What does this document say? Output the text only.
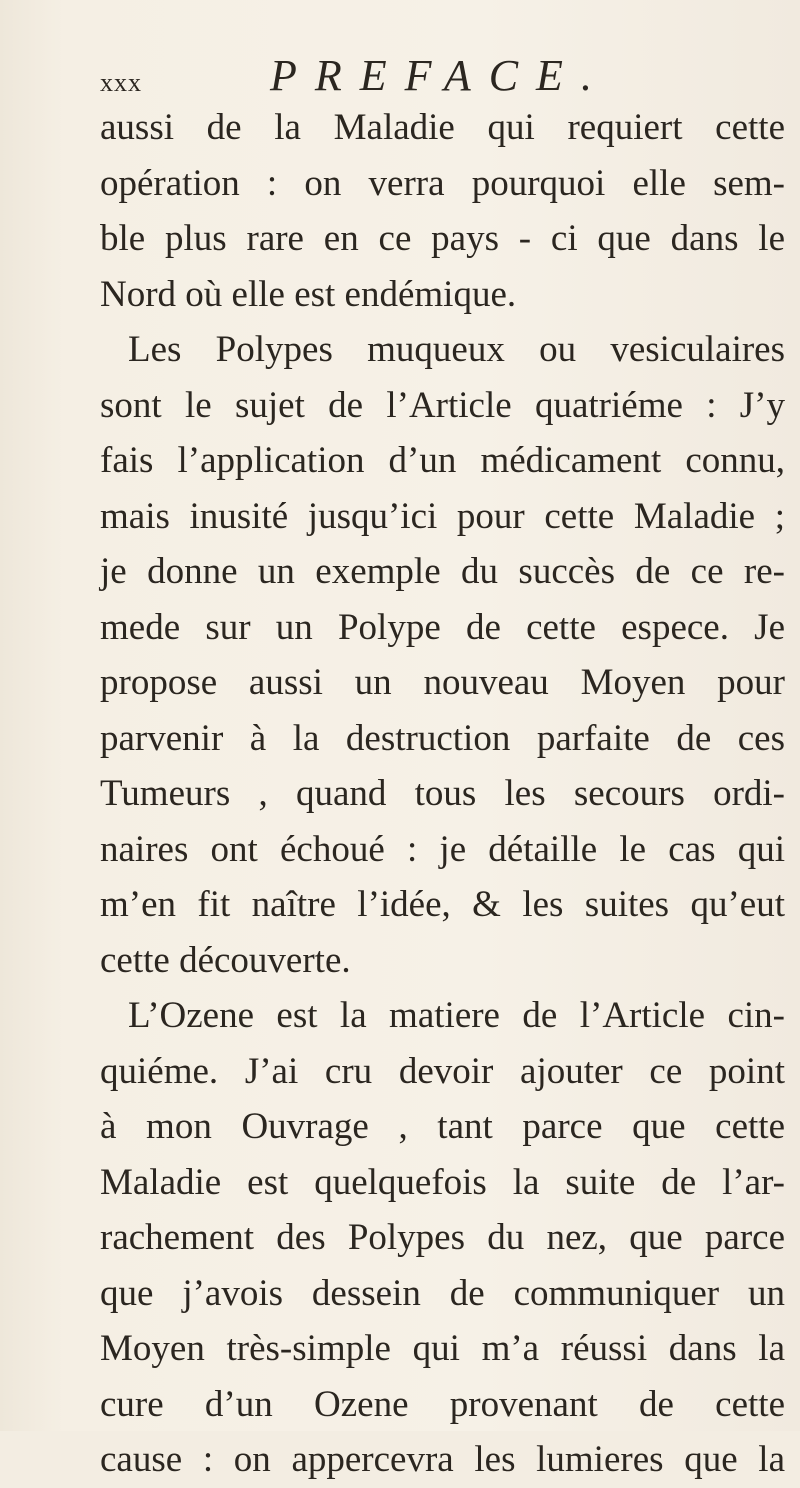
xxx	PREFACE.
aussi de la Maladie qui requiert cette
opération : on verra pourquoi elle sem-
ble plus rare en ce pays - ci que dans le
Nord où elle est endémique.
Les Polypes muqueux ou vesiculaires
sont le sujet de l’Article quatriéme : J’y
fais l’application d’un médicament connu,
mais inusité jusqu’ici pour cette Maladie ;
je donne un exemple du succès de ce re-
mede sur un Polype de cette espece. Je
propose aussi un nouveau Moyen pour
parvenir à la destruction parfaite de ces
Tumeurs , quand tous les secours ordi-
naires ont échoué : je détaille le cas qui
m’en fit naître l’idée, & les suites qu’eut
cette découverte.
L’Ozene est la matiere de l’Article cin-
quiéme. J’ai cru devoir ajouter ce point
à mon Ouvrage , tant parce que cette
Maladie est quelquefois la suite de l’ar-
rachement des Polypes du nez, que parce
que j’avois dessein de communiquer un
Moyen très-simple qui m’a réussi dans la
cure d’un Ozene provenant de cette
cause : on appercevra les lumieres que la
